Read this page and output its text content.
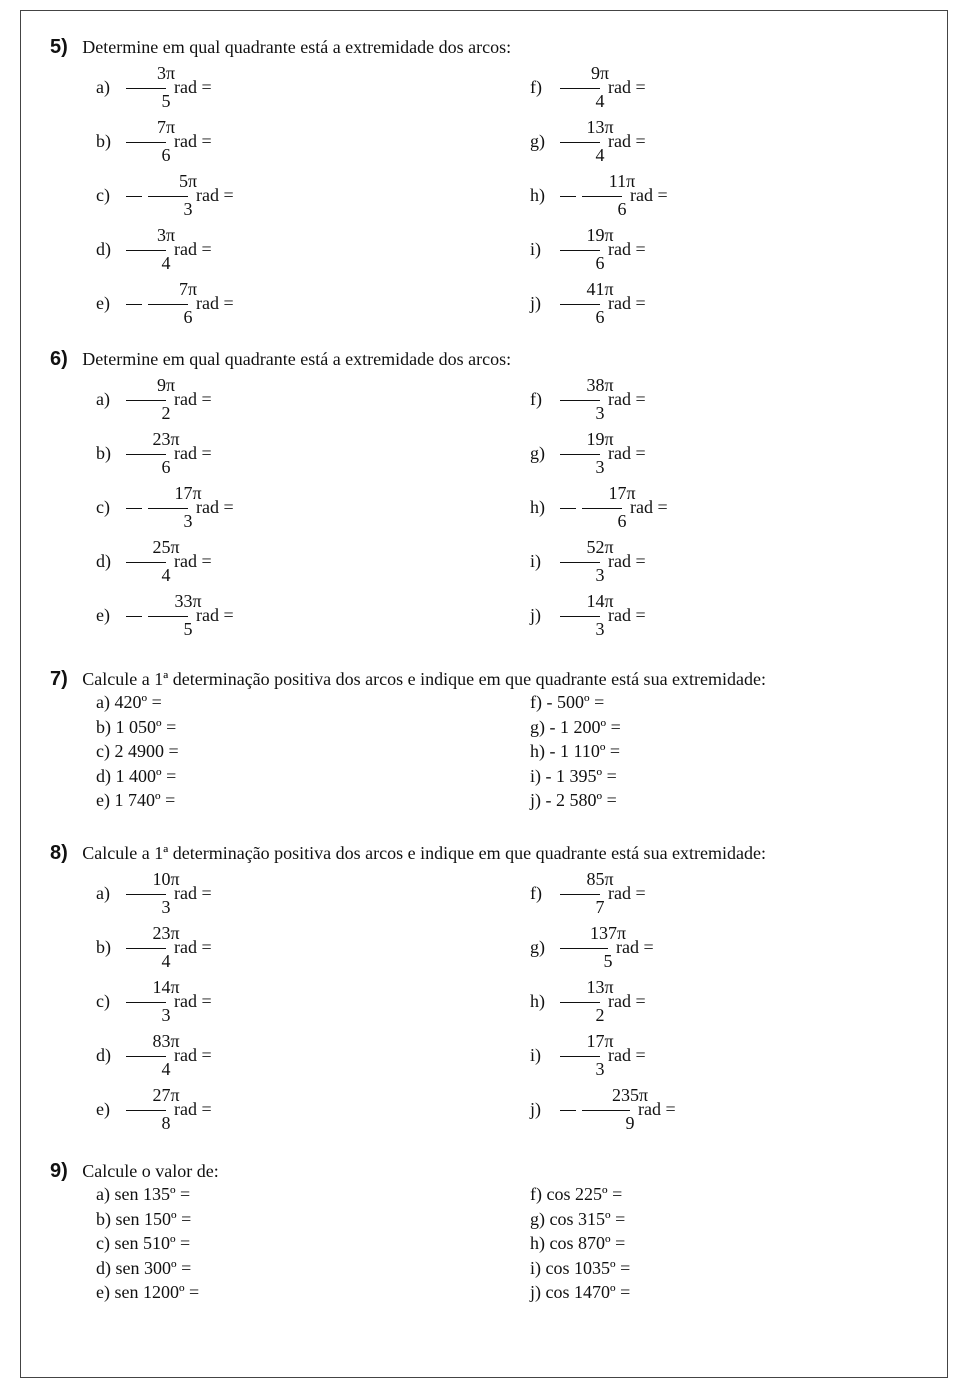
5) Determine em qual quadrante está a extremidade dos arcos:
a)
3π
5
rad =
b)
7π
6
rad =
c)
5π
3
rad =
d)
3π
4
rad =
e)
7π
6
rad =
f)
9π
4
rad =
g)
13π
4
rad =
h)
11π
6
rad =
i)
19π
6
rad =
j)
41π
6
rad =
6) Determine em qual quadrante está a extremidade dos arcos:
a)
9π
2
rad =
b)
23π
6
rad =
c)
17π
3
rad =
d)
25π
4
rad =
e)
33π
5
rad =
f)
38π
3
rad =
g)
19π
3
rad =
h)
17π
6
rad =
i)
52π
3
rad =
j)
14π
3
rad =
7) Calcule a 1ª determinação positiva dos arcos e indique em que quadrante está sua extremidade:
a) 420º =
b) 1 050º =
c) 2 4900 =
d) 1 400º =
e) 1 740º =
f) - 500º =
g) - 1 200º =
h) - 1 110º =
i) - 1 395º =
j) - 2 580º =
8) Calcule a 1ª determinação positiva dos arcos e indique em que quadrante está sua extremidade:
a)
10π
3
rad =
b)
23π
4
rad =
c)
14π
3
rad =
d)
83π
4
rad =
e)
27π
8
rad =
f)
85π
7
rad =
g)
137π
5
rad =
h)
13π
2
rad =
i)
17π
3
rad =
j)
235π
9
rad =
9) Calcule o valor de:
a) sen 135º =
b) sen 150º =
c) sen 510º =
d) sen 300º =
e) sen 1200º =
f) cos 225º =
g) cos 315º =
h) cos 870º =
i) cos 1035º =
j) cos 1470º =
